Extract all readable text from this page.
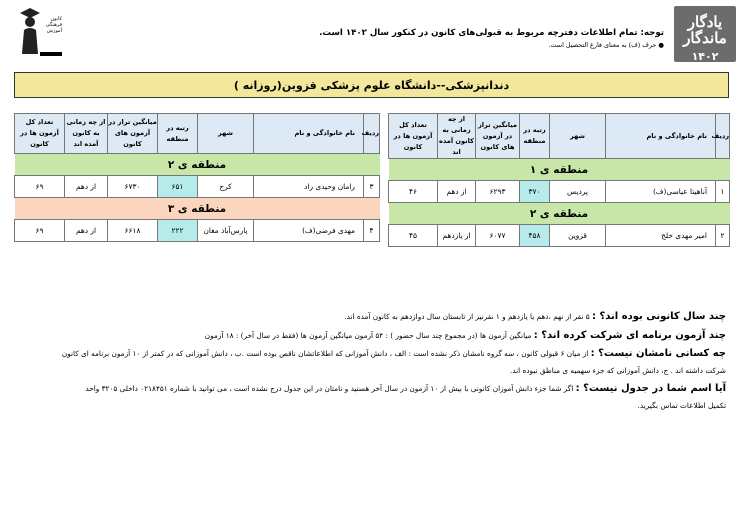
یادگار ماندگار
۱۴۰۲
توجه: تمام اطلاعات دفترچه مربوط به قبولی‌های کانون در کنکور سال ۱۴۰۲ است.
● حرف (ف) به معنای فارغ التحصیل است.
کانون
فرهنگی
آموزش
دندانپزشکی--دانشگاه علوم پزشکی قزوین(روزانه )
ردیف	نام خانوادگی و نام	شهر	رتبه در منطقه	میانگین تراز در آزمون های کانون	از چه زمانی به کانون آمده اند	تعداد کل آزمون ها در کانون
منطقه ی ۱						
۱	آناهیتا عباسی(ف)	پردیس	۳۷۰	۶۲۹۳	از دهم	۴۶
منطقه ی ۲						
۲	امیر مهدی خلج	قزوین	۴۵۸	۶۰۷۷	از یازدهم	۴۵
ردیف	نام خانوادگی و نام	شهر	رتبه در منطقه	میانگین تراز در آزمون های کانون	از چه زمانی به کانون آمده اند	تعداد کل آزمون ها در کانون
منطقه ی ۲						
۳	رامان وحیدی راد	کرج	۶۵۱	۶۷۳۰	از دهم	۶۹
منطقه ی ۳						
۴	مهدی فرضی(ف)	پارس‌آباد مغان	۲۲۲	۶۶۱۸	از دهم	۶۹

چند سال کانونی بوده اند؟ : ۵ نفر از نهم ،دهم یا یازدهم و ۱ نفرنیز از تابستان سال دوازدهم به کانون آمده اند.

چند آزمون برنامه ای شرکت کرده اند؟ : میانگین آزمون ها (در مجموع چند سال حضور ) : ۵۴ آزمون میانگین آزمون ها (فقط در سال آخر) : ۱۸ آزمون

چه کسانی نامشان نیست؟ : از میان ۶ قبولی کانون ، سه گروه نامشان ذکر نشده است : الف ، دانش آموزانی که اطلاعاتشان ناقص بوده است .ب ، دانش آموزانی که در کمتر از ۱۰ آزمون برنامه ای کانون
شرکت داشته اند . ج، دانش آموزانی که جزء سهمیه ی مناطق نبوده اند.

آیا اسم شما در جدول نیست؟ : اگر شما جزء دانش آموزان کانونی با بیش از ۱۰ آزمون در سال آخر هستید و نامتان در این جدول درج نشده است ، می توانید با شماره ۰۲۱۸۴۵۱ داخلی ۳۲۰۵ واحد
تکمیل اطلاعات تماس بگیرید.
